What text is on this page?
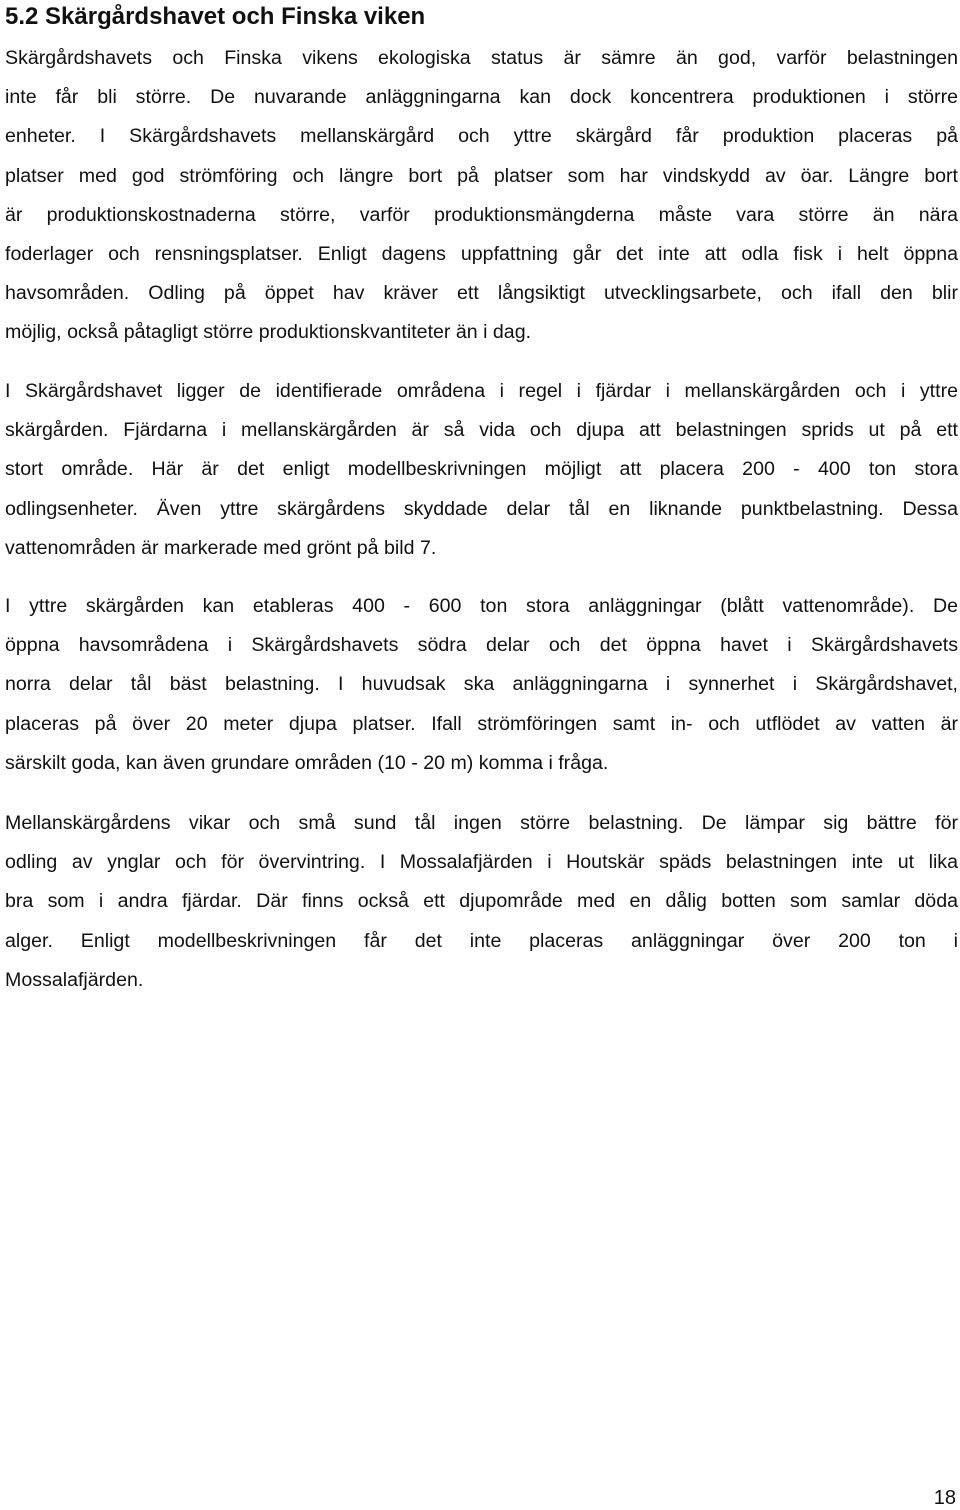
5.2 Skärgårdshavet och Finska viken

Skärgårdshavets och Finska vikens ekologiska status är sämre än god, varför belastningen
inte får bli större. De nuvarande anläggningarna kan dock koncentrera produktionen i större
enheter. I Skärgårdshavets mellanskärgård och yttre skärgård får produktion placeras på
platser med god strömföring och längre bort på platser som har vindskydd av öar. Längre bort
är produktionskostnaderna större, varför produktionsmängderna måste vara större än nära
foderlager och rensningsplatser. Enligt dagens uppfattning går det inte att odla fisk i helt öppna
havsområden. Odling på öppet hav kräver ett långsiktigt utvecklingsarbete, och ifall den blir
möjlig, också påtagligt större produktionskvantiteter än i dag.

I Skärgårdshavet ligger de identifierade områdena i regel i fjärdar i mellanskärgården och i yttre
skärgården. Fjärdarna i mellanskärgården är så vida och djupa att belastningen sprids ut på ett
stort område. Här är det enligt modellbeskrivningen möjligt att placera 200 - 400 ton stora
odlingsenheter. Även yttre skärgårdens skyddade delar tål en liknande punktbelastning. Dessa
vattenområden är markerade med grönt på bild 7.

I yttre skärgården kan etableras 400 - 600 ton stora anläggningar (blått vattenområde). De
öppna havsområdena i Skärgårdshavets södra delar och det öppna havet i Skärgårdshavets
norra delar tål bäst belastning. I huvudsak ska anläggningarna i synnerhet i Skärgårdshavet,
placeras på över 20 meter djupa platser. Ifall strömföringen samt in- och utflödet av vatten är
särskilt goda, kan även grundare områden (10 - 20 m) komma i fråga.

Mellanskärgårdens vikar och små sund tål ingen större belastning. De lämpar sig bättre för
odling av ynglar och för övervintring. I Mossalafjärden i Houtskär späds belastningen inte ut lika
bra som i andra fjärdar. Där finns också ett djupområde med en dålig botten som samlar döda
alger. Enligt modellbeskrivningen får det inte placeras anläggningar över 200 ton i
Mossalafjärden.

18
